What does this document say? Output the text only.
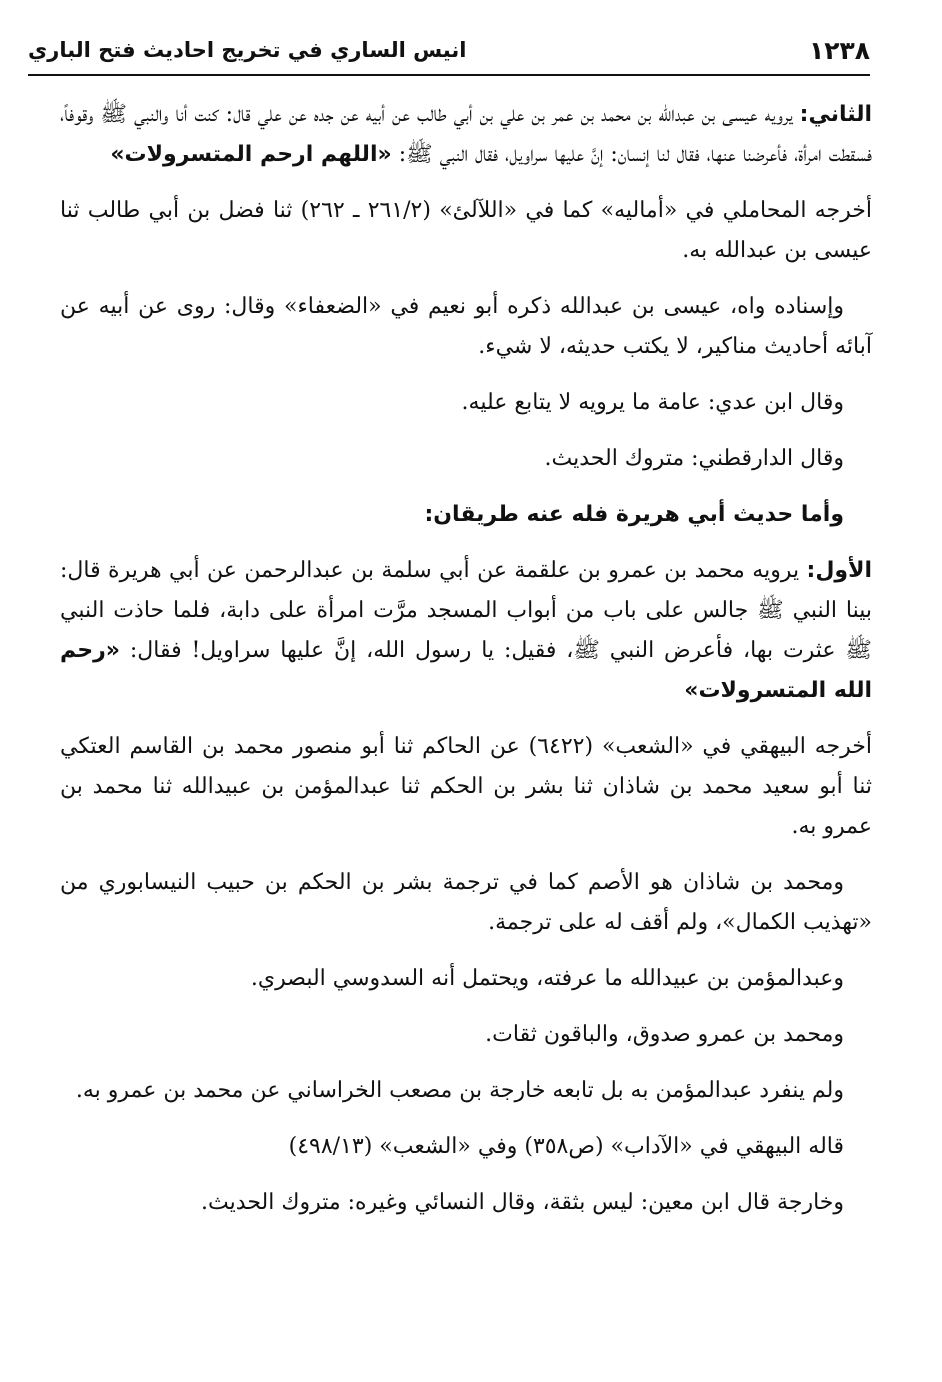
١٢٣٨
انيس الساري في تخريج احاديث فتح الباري

الثاني: يرويه عيسى بن عبدالله بن محمد بن عمر بن علي بن أبي طالب عن أبيه عن جده عن علي قال: كنت أنا والنبي ﷺ وقوفاً، فسقطت امرأة، فأعرضنا عنها، فقال لنا إنسان: إنَّ عليها سراويل، فقال النبي ﷺ: «اللهم ارحم المتسرولات»

أخرجه المحاملي في «أماليه» كما في «اللآلئ» (٢٦١/٢ ـ ٢٦٢) ثنا فضل بن أبي طالب ثنا عيسى بن عبدالله به.

وإسناده واه، عيسى بن عبدالله ذكره أبو نعيم في «الضعفاء» وقال: روى عن أبيه عن آبائه أحاديث مناكير، لا يكتب حديثه، لا شيء.

وقال ابن عدي: عامة ما يرويه لا يتابع عليه.

وقال الدارقطني: متروك الحديث.

وأما حديث أبي هريرة فله عنه طريقان:

الأول: يرويه محمد بن عمرو بن علقمة عن أبي سلمة بن عبدالرحمن عن أبي هريرة قال: بينا النبي ﷺ جالس على باب من أبواب المسجد مرَّت امرأة على دابة، فلما حاذت النبي ﷺ عثرت بها، فأعرض النبي ﷺ، فقيل: يا رسول الله، إنَّ عليها سراويل! فقال: «رحم الله المتسرولات»

أخرجه البيهقي في «الشعب» (٦٤٢٢) عن الحاكم ثنا أبو منصور محمد بن القاسم العتكي ثنا أبو سعيد محمد بن شاذان ثنا بشر بن الحكم ثنا عبدالمؤمن بن عبيدالله ثنا محمد بن عمرو به.

ومحمد بن شاذان هو الأصم كما في ترجمة بشر بن الحكم بن حبيب النيسابوري من «تهذيب الكمال»، ولم أقف له على ترجمة.

وعبدالمؤمن بن عبيدالله ما عرفته، ويحتمل أنه السدوسي البصري.

ومحمد بن عمرو صدوق، والباقون ثقات.

ولم ينفرد عبدالمؤمن به بل تابعه خارجة بن مصعب الخراساني عن محمد بن عمرو به.

قاله البيهقي في «الآداب» (ص٣٥٨) وفي «الشعب» (٤٩٨/١٣)

وخارجة قال ابن معين: ليس بثقة، وقال النسائي وغيره: متروك الحديث.
